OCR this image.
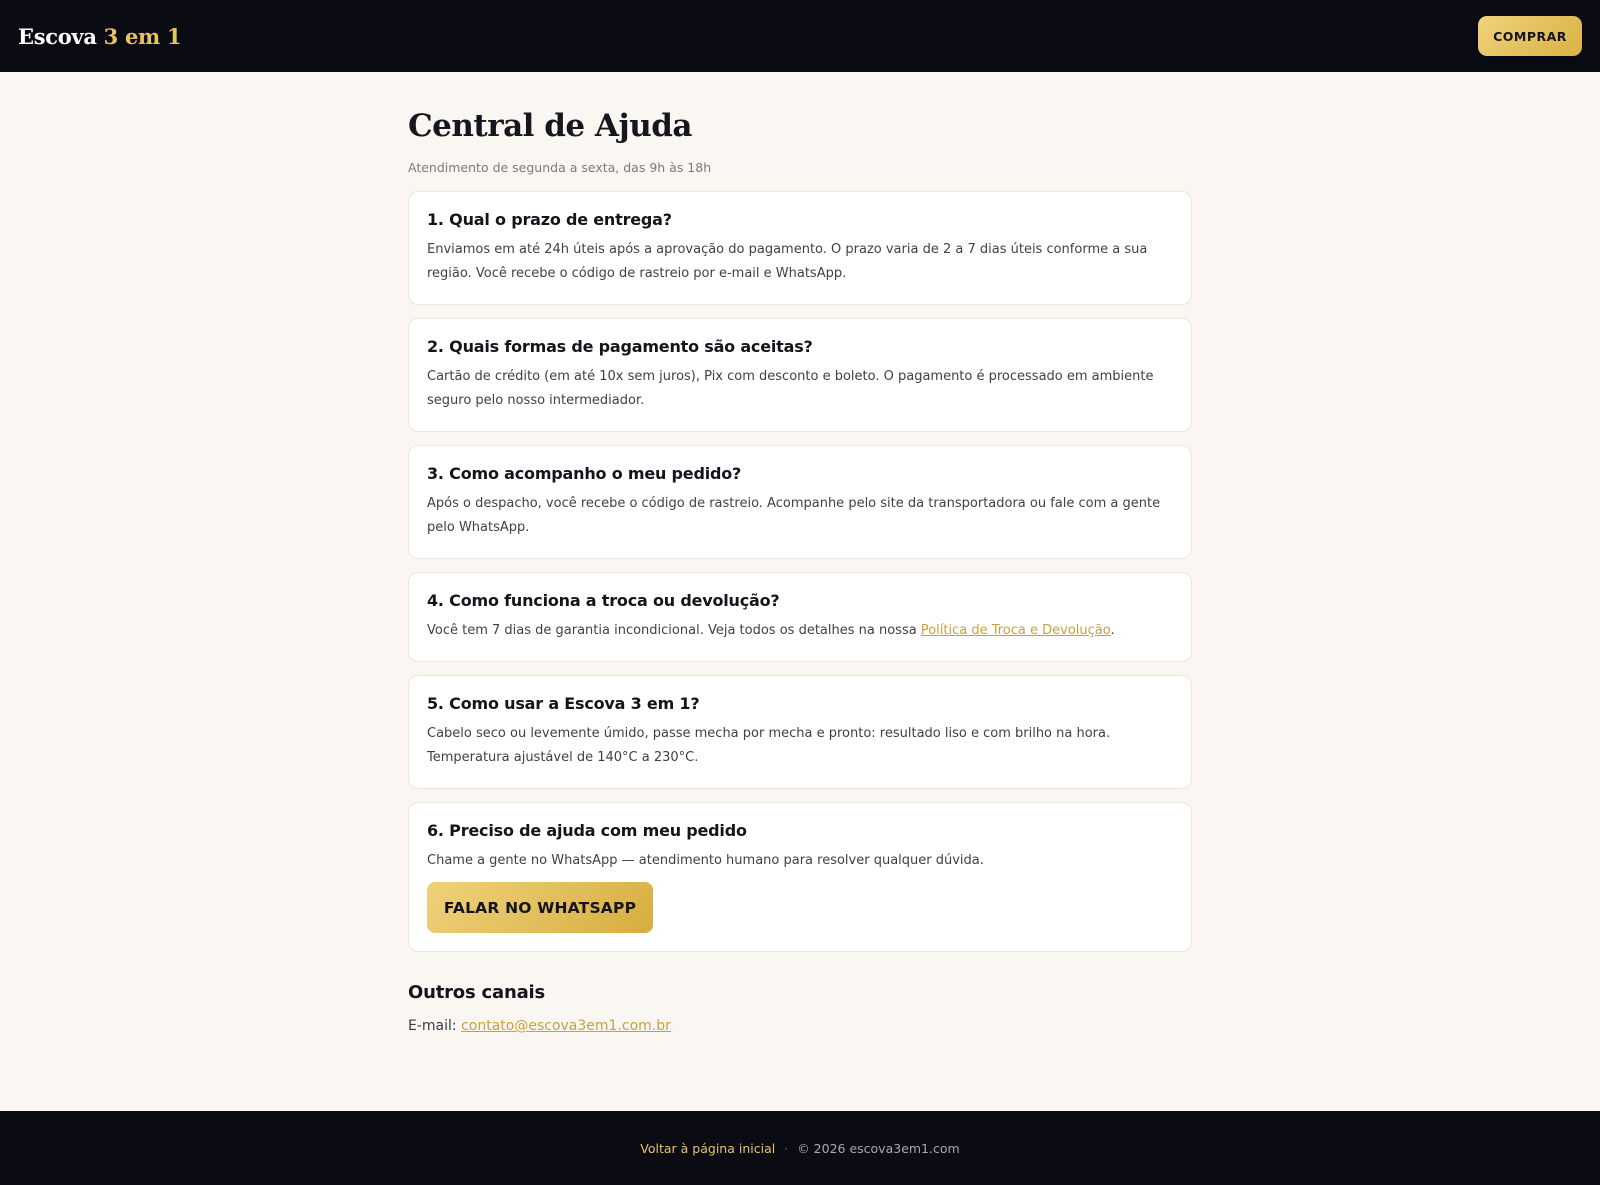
Escova 3 em 1	COMPRAR
Central de Ajuda
Atendimento de segunda a sexta, das 9h às 18h
1. Qual o prazo de entrega?

Enviamos em até 24h úteis após a aprovação do pagamento. O prazo varia de 2 a 7 dias úteis conforme a sua região. Você recebe o código de rastreio por e-mail e WhatsApp.

2. Quais formas de pagamento são aceitas?

Cartão de crédito (em até 10x sem juros), Pix com desconto e boleto. O pagamento é processado em ambiente seguro pelo nosso intermediador.

3. Como acompanho o meu pedido?

Após o despacho, você recebe o código de rastreio. Acompanhe pelo site da transportadora ou fale com a gente pelo WhatsApp.

4. Como funciona a troca ou devolução?

Você tem 7 dias de garantia incondicional. Veja todos os detalhes na nossa Política de Troca e Devolução.

5. Como usar a Escova 3 em 1?

Cabelo seco ou levemente úmido, passe mecha por mecha e pronto: resultado liso e com brilho na hora. Temperatura ajustável de 140°C a 230°C.

6. Preciso de ajuda com meu pedido

Chame a gente no WhatsApp — atendimento humano para resolver qualquer dúvida.

FALAR NO WHATSAPP
Outros canais
E-mail: contato@escova3em1.com.br
Voltar à página inicial · © 2026 escova3em1.com
